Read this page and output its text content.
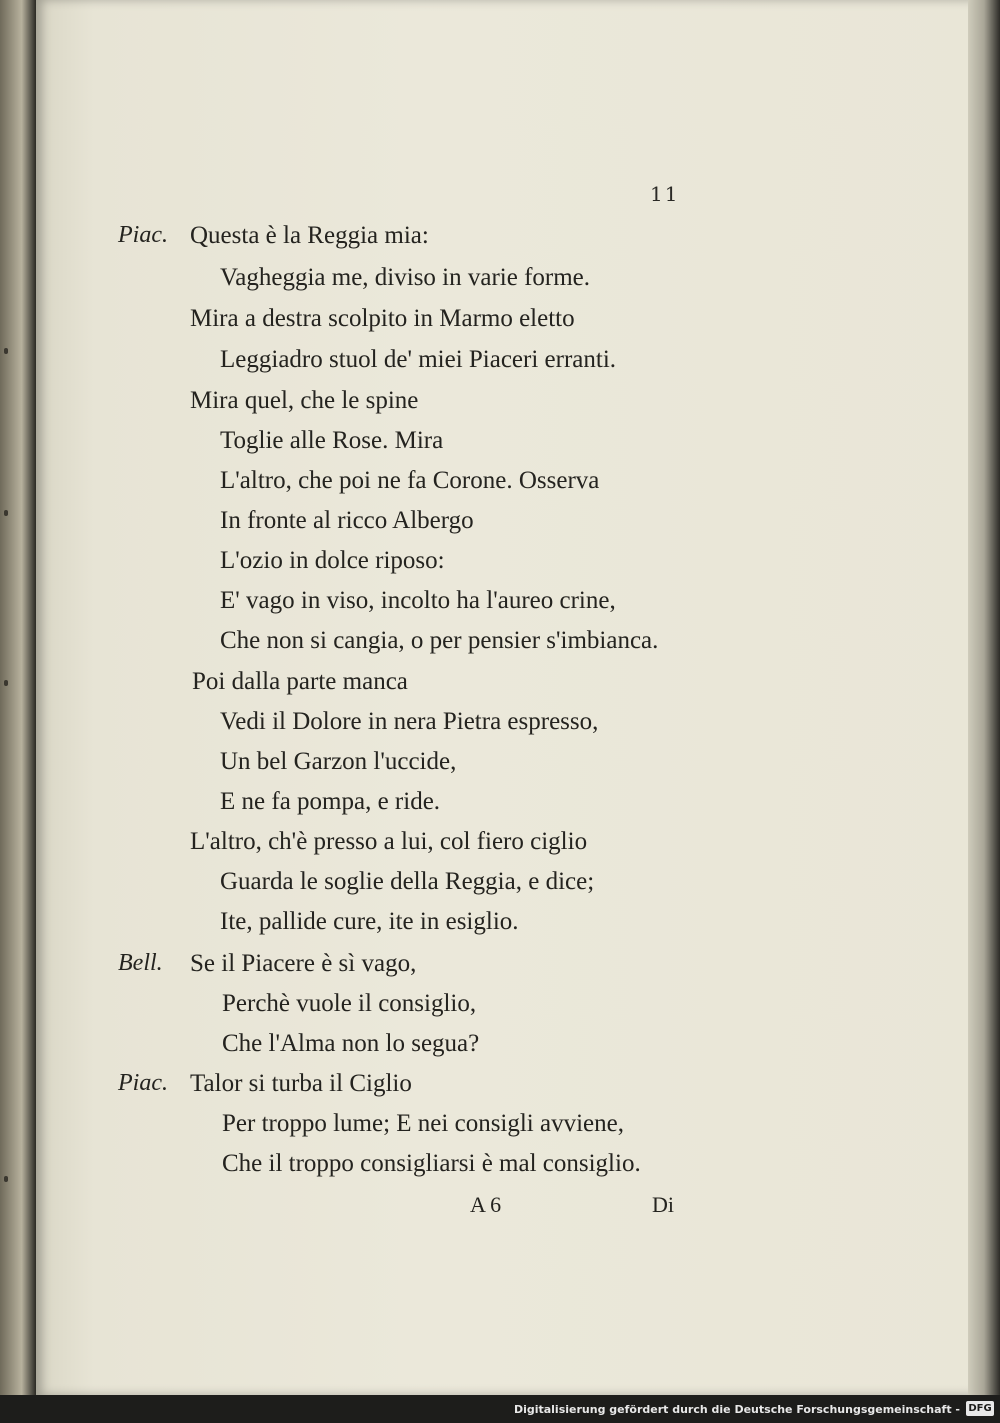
11
Piac. Questa è la Reggia mia:
Vagheggia me, diviso in varie forme.
Mira a destra scolpito in Marmo eletto
Leggiadro stuol de' miei Piaceri erranti.
Mira quel, che le spine
Toglie alle Rose. Mira
L'altro, che poi ne fa Corone. Osserva
In fronte al ricco Albergo
L'ozio in dolce riposo:
E' vago in viso, incolto ha l'aureo crine,
Che non si cangia, o per pensier s'imbianca.
Poi dalla parte manca
Vedi il Dolore in nera Pietra espresso,
Un bel Garzon l'uccide,
E ne fa pompa, e ride.
L'altro, ch'è presso a lui, col fiero ciglio
Guarda le soglie della Reggia, e dice;
Ite, pallide cure, ite in esiglio.
Bell. Se il Piacere è sì vago,
Perchè vuole il consiglio,
Che l'Alma non lo segua?
Piac. Talor si turba il Ciglio
Per troppo lume; E nei consigli avviene,
Che il troppo consigliarsi è mal consiglio.
A 6	Di
Digitalisierung gefördert durch die Deutsche Forschungsgemeinschaft - DFG
